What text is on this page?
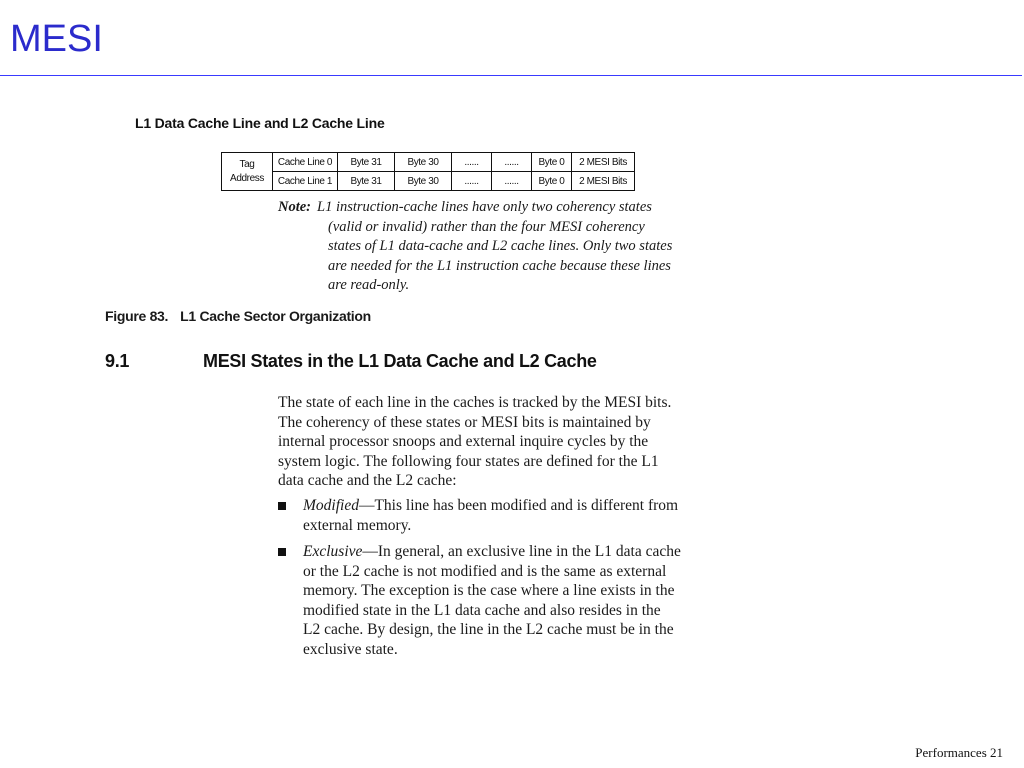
MESI
L1 Data Cache Line and L2 Cache Line
Tag
Address	Cache Line 0	Byte 31	Byte 30	......	......	Byte 0	2 MESI Bits
	Cache Line 1	Byte 31	Byte 30	......	......	Byte 0	2 MESI Bits
Note: L1 instruction-cache lines have only two coherency states
(valid or invalid) rather than the four MESI coherency
states of L1 data-cache and L2 cache lines. Only two states
are needed for the L1 instruction cache because these lines
are read-only.
Figure 83. L1 Cache Sector Organization
9.1	MESI States in the L1 Data Cache and L2 Cache
The state of each line in the caches is tracked by the MESI bits.
The coherency of these states or MESI bits is maintained by
internal processor snoops and external inquire cycles by the
system logic. The following four states are defined for the L1
data cache and the L2 cache:
Modified—This line has been modified and is different from
external memory.
Exclusive—In general, an exclusive line in the L1 data cache
or the L2 cache is not modified and is the same as external
memory. The exception is the case where a line exists in the
modified state in the L1 data cache and also resides in the
L2 cache. By design, the line in the L2 cache must be in the
exclusive state.
Performances 21
